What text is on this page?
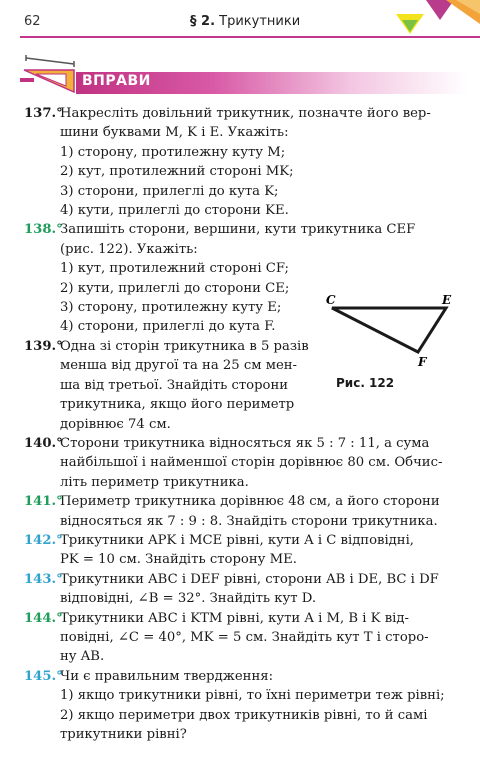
62	§ 2. Трикутники
ВПРАВИ
137.°
Накресліть довільний трикутник, позначте його вер-
шини буквами M, K і E. Укажіть:
1) сторону, протилежну куту M;
2) кут, протилежний стороні MK;
3) сторони, прилеглі до кута K;
4) кути, прилеглі до сторони KE.
138.°
Запишіть сторони, вершини, кути трикутника CEF
(рис. 122). Укажіть:
1) кут, протилежний стороні CF;
2) кути, прилеглі до сторони CE;
3) сторону, протилежну куту E;
4) сторони, прилеглі до кута F.
139.°
Одна зі сторін трикутника в 5 разів
менша від другої та на 25 см мен-
ша від третьої. Знайдіть сторони
трикутника, якщо його периметр
дорівнює 74 см.
140.°
Сторони трикутника відносяться як 5 : 7 : 11, а сума
найбільшої і найменшої сторін дорівнює 80 см. Обчис-
літь периметр трикутника.
141.°
Периметр трикутника дорівнює 48 см, а його сторони
відносяться як 7 : 9 : 8. Знайдіть сторони трикутника.
142.°
Трикутники APK і MCE рівні, кути A і C відповідні,
PK = 10 см. Знайдіть сторону ME.
143.°
Трикутники ABC і DEF рівні, сторони AB і DE, BC і DF
відповідні, ∠B = 32°. Знайдіть кут D.
144.°
Трикутники ABC і KTM рівні, кути A і M, B і K від-
повідні, ∠C = 40°, MK = 5 см. Знайдіть кут T і сторо-
ну AB.
145.°
Чи є правильним твердження:
1) якщо трикутники рівні, то їхні периметри теж рівні;
2) якщо периметри двох трикутників рівні, то й самі
трикутники рівні?
C	E
F
Рис. 122
